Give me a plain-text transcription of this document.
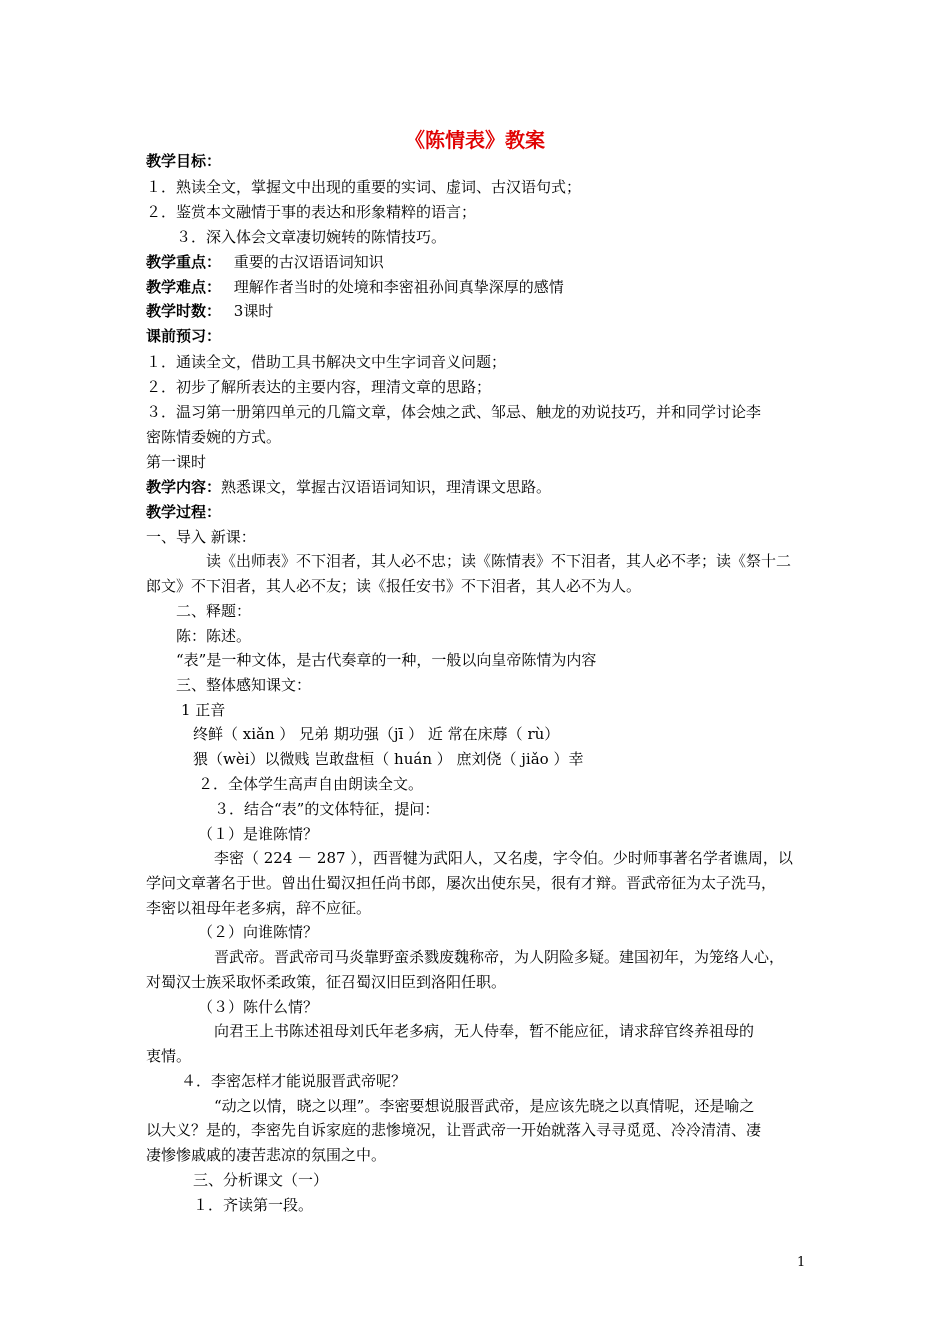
《陈情表》教案
教学目标：
１．熟读全文，掌握文中出现的重要的实词、虚词、古汉语句式；
２．鉴赏本文融情于事的表达和形象精粹的语言；
３．深入体会文章凄切婉转的陈情技巧。
教学重点： 重要的古汉语语词知识
教学难点： 理解作者当时的处境和李密祖孙间真挚深厚的感情
教学时数： 3课时
课前预习：
１．通读全文，借助工具书解决文中生字词音义问题；
２．初步了解所表达的主要内容，理清文章的思路；
３．温习第一册第四单元的几篇文章，体会烛之武、邹忌、触龙的劝说技巧，并和同学讨论李
密陈情委婉的方式。
第一课时
教学内容：熟悉课文，掌握古汉语语词知识，理清课文思路。
教学过程：
一、导入 新课：
读《出师表》不下泪者，其人必不忠；读《陈情表》不下泪者，其人必不孝；读《祭十二
郎文》不下泪者，其人必不友；读《报任安书》不下泪者，其人必不为人。
二、释题：
陈：陈述。
“表”是一种文体，是古代奏章的一种，一般以向皇帝陈情为内容
三、整体感知课文：
1 正音
终鲜（ xiǎn ） 兄弟 期功强（jī ） 近 常在床蓐（ rù）
猥（wèi）以微贱 岂敢盘桓（ huán ） 庶刘侥（ jiǎo ）幸
２．全体学生高声自由朗读全文。
３．结合“表”的文体特征，提问：
（１）是谁陈情？
李密（ 224 － 287 ），西晋犍为武阳人，又名虔，字令伯。少时师事著名学者谯周，以
学问文章著名于世。曾出仕蜀汉担任尚书郎，屡次出使东吴，很有才辩。晋武帝征为太子洗马，
李密以祖母年老多病，辞不应征。
（２）向谁陈情？
晋武帝。晋武帝司马炎靠野蛮杀戮废魏称帝，为人阴险多疑。建国初年，为笼络人心，
对蜀汉士族采取怀柔政策，征召蜀汉旧臣到洛阳任职。
（３）陈什么情？
向君王上书陈述祖母刘氏年老多病，无人侍奉，暂不能应征，请求辞官终养祖母的
衷情。
４．李密怎样才能说服晋武帝呢？
“动之以情，晓之以理”。李密要想说服晋武帝，是应该先晓之以真情呢，还是喻之
以大义？是的，李密先自诉家庭的悲惨境况，让晋武帝一开始就落入寻寻觅觅、冷冷清清、凄
凄惨惨戚戚的凄苦悲凉的氛围之中。
三、分析课文（一）
１．齐读第一段。
1
